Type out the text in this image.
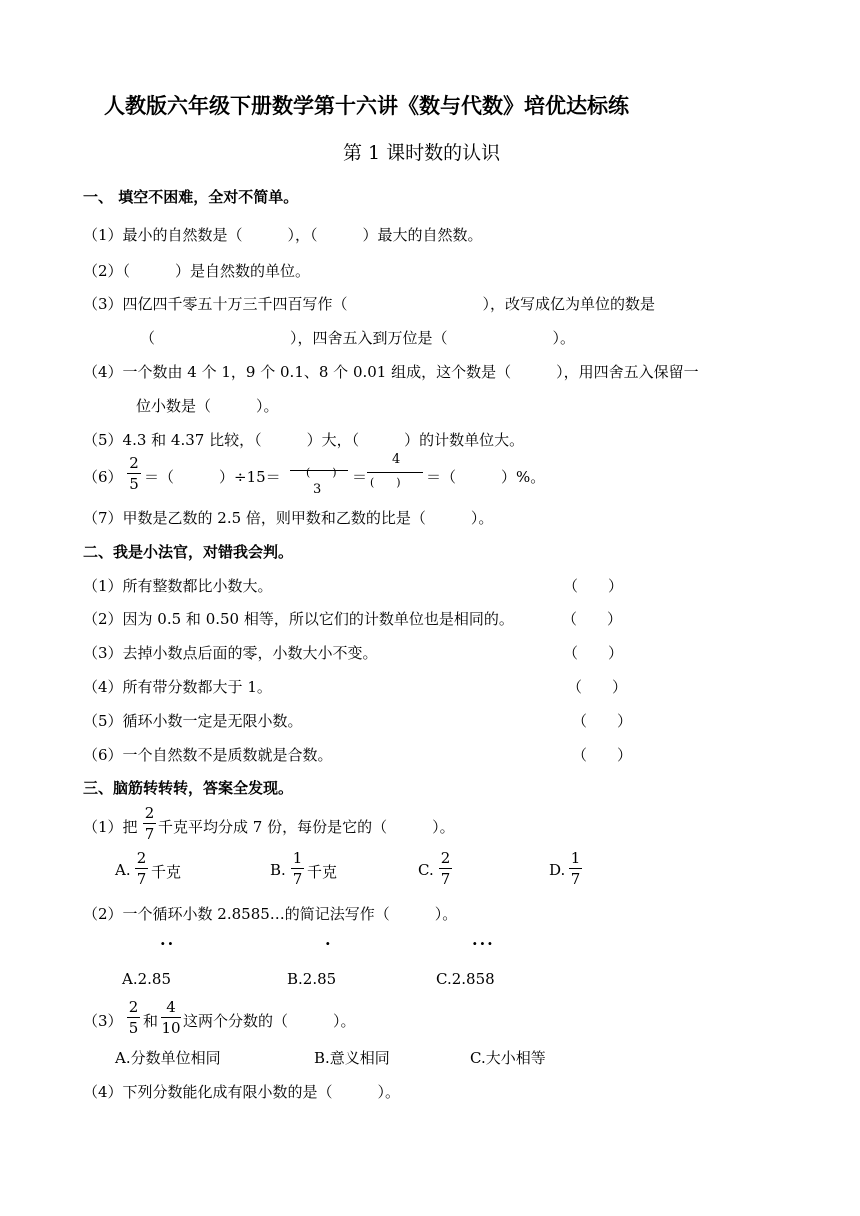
人教版六年级下册数学第十六讲《数与代数》培优达标练
第 1 课时数的认识
一、 填空不困难，全对不简单。
（1）最小的自然数是（　　　），（　　　）最大的自然数。
（2）（　　　）是自然数的单位。
（3）四亿四千零五十万三千四百写作（　　　　　　　　　），改写成亿为单位的数是
（　　　　　　　　　），四舍五入到万位是（　　　　　　　）。
（4）一个数由 4 个 1，9 个 0.1、8 个 0.01 组成，这个数是（　　　），用四舍五入保留一
位小数是（　　　）。
（5）4.3 和 4.37 比较，（　　　）大，（　　　）的计数单位大。
（6）
2
5 ＝（　　　）÷15＝ (　　)
3
＝
4
(　　) ＝（　　　）%。
（7）甲数是乙数的 2.5 倍，则甲数和乙数的比是（　　　）。
二、我是小法官，对错我会判。
（1）所有整数都比小数大。	（　　）
（2）因为 0.5 和 0.50 相等，所以它们的计数单位也是相同的。	（　　）
（3）去掉小数点后面的零，小数大小不变。	（　　）
（4）所有带分数都大于 1。	（　　）
（5）循环小数一定是无限小数。	（　　）
（6）一个自然数不是质数就是合数。	（　　）
三、脑筋转转转，答案全发现。
（1）把
2
7 千克平均分成 7 份，每份是它的（　　　）。
A.
2
7 千克	B.
1
7 千克	C.
2
7	D.
1
7
（2）一个循环小数 2.8585…的简记法写作（　　　）。
··	·	···
A.2.85	B.2.85	C.2.858
（3）
2
5 和
4
10 这两个分数的（　　　）。
A.分数单位相同	B.意义相同	C.大小相等
（4）下列分数能化成有限小数的是（　　　）。
